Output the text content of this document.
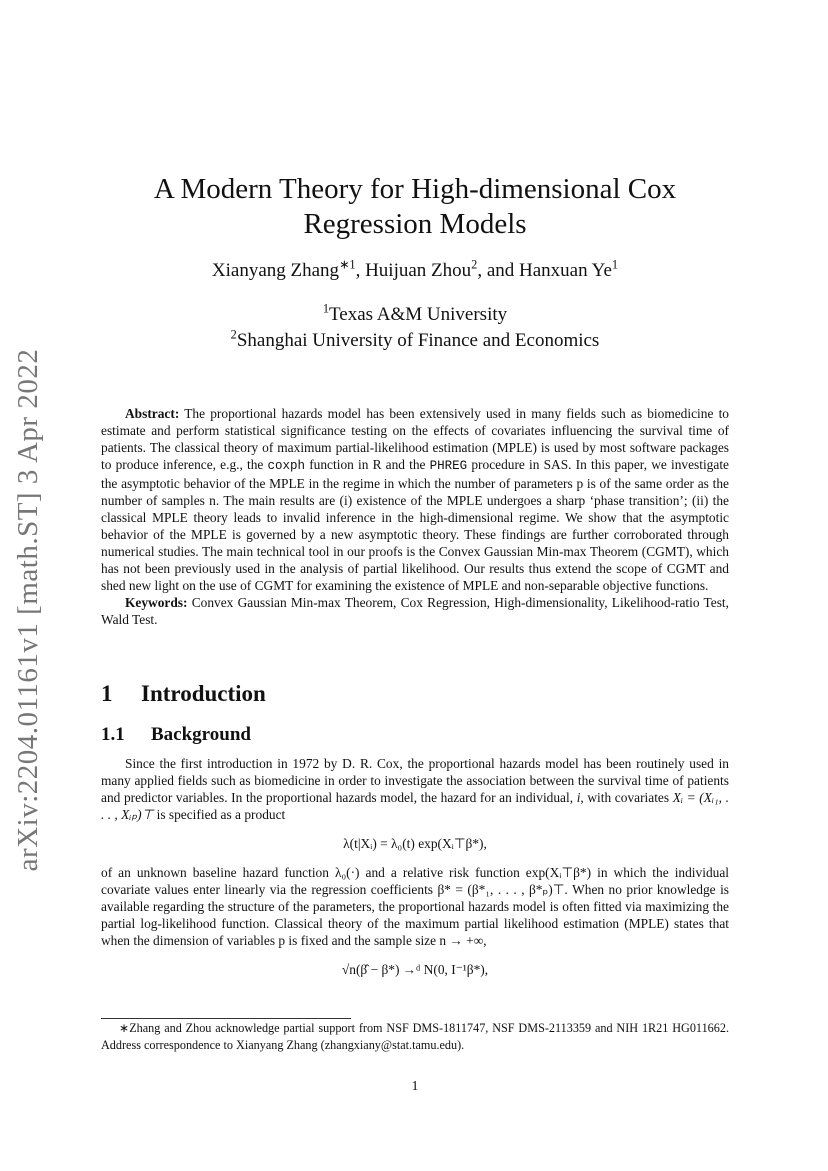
arXiv:2204.01161v1 [math.ST] 3 Apr 2022
A Modern Theory for High-dimensional Cox
Regression Models
Xianyang Zhang$^{∗1}$, Huijuan Zhou$^2$, and Hanxuan Ye$^1$
$^1$Texas A&M University
$^2$Shanghai University of Finance and Economics

Abstract: The proportional hazards model has been extensively used in many fields such as biomedicine to estimate and perform statistical significance testing on the effects of covariates influencing the survival time of patients. The classical theory of maximum partial-likelihood estimation (MPLE) is used by most software packages to produce inference, e.g., the coxph function in R and the PHREG procedure in SAS. In this paper, we investigate the asymptotic behavior of the MPLE in the regime in which the number of parameters p is of the same order as the number of samples n. The main results are (i) existence of the MPLE undergoes a sharp ‘phase transition’; (ii) the classical MPLE theory leads to invalid inference in the high-dimensional regime. We show that the asymptotic behavior of the MPLE is governed by a new asymptotic theory. These findings are further corroborated through numerical studies. The main technical tool in our proofs is the Convex Gaussian Min-max Theorem (CGMT), which has not been previously used in the analysis of partial likelihood. Our results thus extend the scope of CGMT and shed new light on the use of CGMT for examining the existence of MPLE and non-separable objective functions.

Keywords: Convex Gaussian Min-max Theorem, Cox Regression, High-dimensionality, Likelihood-ratio Test, Wald Test.

1 Introduction
1.1 Background

Since the first introduction in 1972 by D. R. Cox, the proportional hazards model has been routinely used in many applied fields such as biomedicine in order to investigate the association between the survival time of patients and predictor variables. In the proportional hazards model, the hazard for an individual, i, with covariates Xᵢ = (Xᵢ₁, . . . , Xᵢₚ)⊤ is specified as a product

λ(t|Xᵢ) = λ₀(t) exp(Xᵢ⊤β*),

of an unknown baseline hazard function λ₀(·) and a relative risk function exp(Xᵢ⊤β*) in which the individual covariate values enter linearly via the regression coefficients β* = (β*₁, . . . , β*ₚ)⊤. When no prior knowledge is available regarding the structure of the parameters, the proportional hazards model is often fitted via maximizing the partial log-likelihood function. Classical theory of the maximum partial likelihood estimation (MPLE) states that when the dimension of variables p is fixed and the sample size n → +∞,

√n(β̂ − β*) →ᵈ N(0, I⁻¹β*),
∗Zhang and Zhou acknowledge partial support from NSF DMS-1811747, NSF DMS-2113359 and NIH 1R21 HG011662. Address correspondence to Xianyang Zhang (zhangxiany@stat.tamu.edu).
1
